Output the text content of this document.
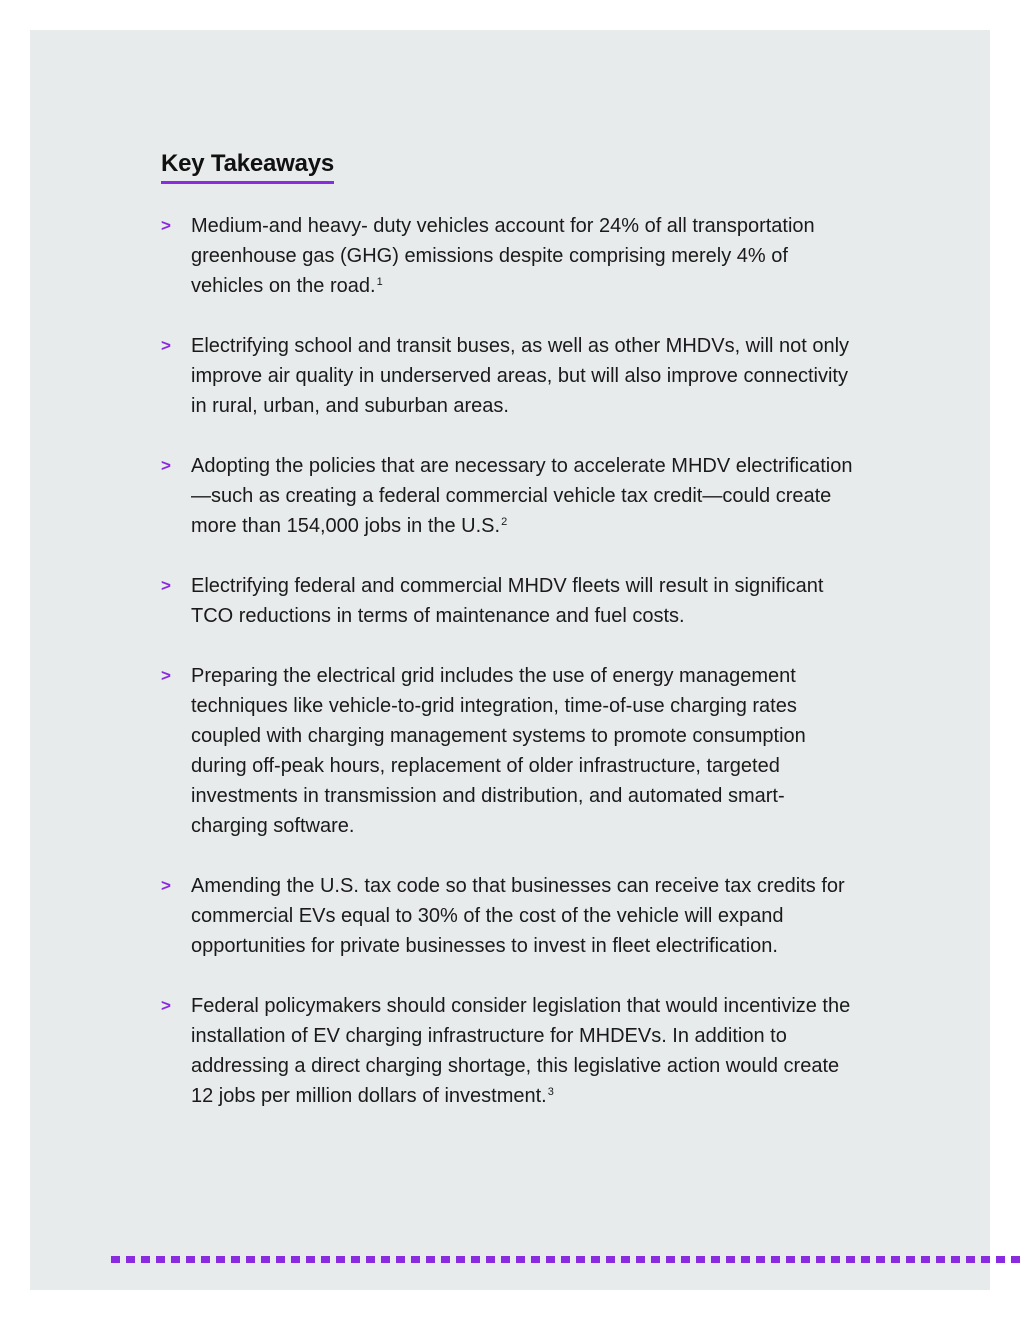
Key Takeaways
> Medium-and heavy- duty vehicles account for 24% of all transportation greenhouse gas (GHG) emissions despite comprising merely 4% of vehicles on the road.$^1$
> Electrifying school and transit buses, as well as other MHDVs, will not only improve air quality in underserved areas, but will also improve connectivity in rural, urban, and suburban areas.
> Adopting the policies that are necessary to accelerate MHDV electrification—such as creating a federal commercial vehicle tax credit—could create more than 154,000 jobs in the U.S.$^2$
> Electrifying federal and commercial MHDV fleets will result in significant TCO reductions in terms of maintenance and fuel costs.
> Preparing the electrical grid includes the use of energy management techniques like vehicle-to-grid integration, time-of-use charging rates coupled with charging management systems to promote consumption during off-peak hours, replacement of older infrastructure, targeted investments in transmission and distribution, and automated smart-charging software.
> Amending the U.S. tax code so that businesses can receive tax credits for commercial EVs equal to 30% of the cost of the vehicle will expand opportunities for private businesses to invest in fleet electrification.
> Federal policymakers should consider legislation that would incentivize the installation of EV charging infrastructure for MHDEVs. In addition to addressing a direct charging shortage, this legislative action would create 12 jobs per million dollars of investment.$^3$
